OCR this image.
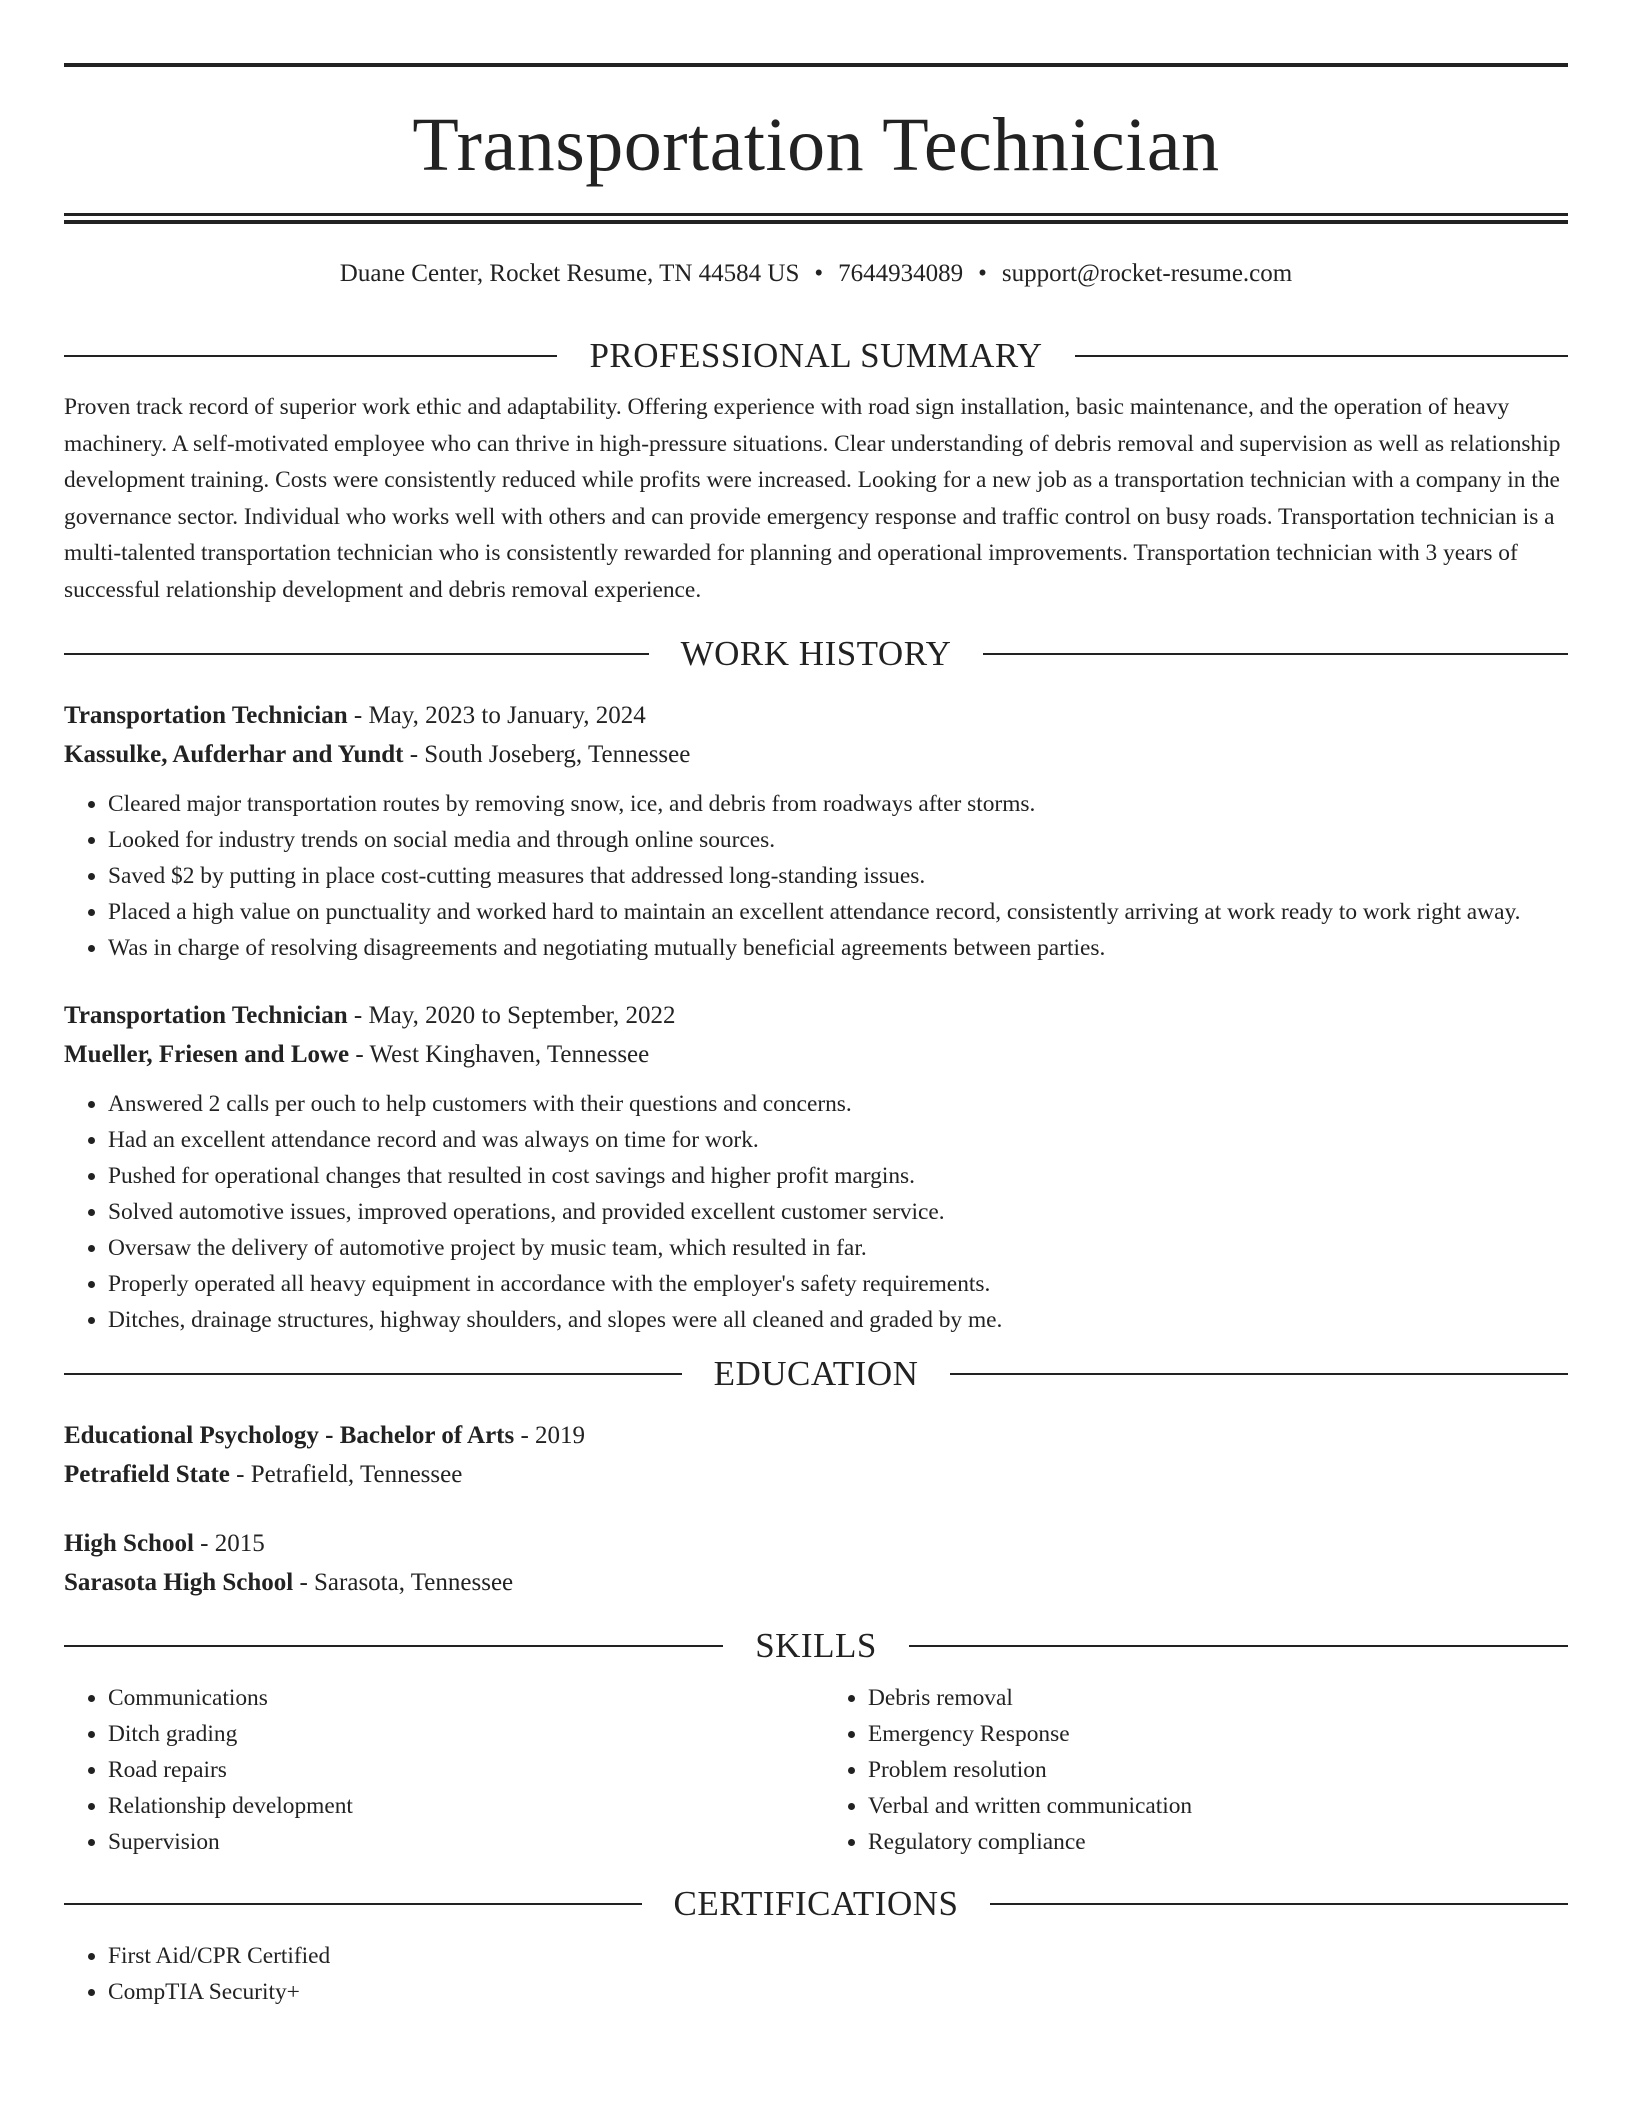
Transportation Technician
Duane Center, Rocket Resume, TN 44584 US • 7644934089 • support@rocket-resume.com
PROFESSIONAL SUMMARY
Proven track record of superior work ethic and adaptability. Offering experience with road sign installation, basic maintenance, and the operation of heavy machinery. A self-motivated employee who can thrive in high-pressure situations. Clear understanding of debris removal and supervision as well as relationship development training. Costs were consistently reduced while profits were increased. Looking for a new job as a transportation technician with a company in the governance sector. Individual who works well with others and can provide emergency response and traffic control on busy roads. Transportation technician is a multi-talented transportation technician who is consistently rewarded for planning and operational improvements. Transportation technician with 3 years of successful relationship development and debris removal experience.
WORK HISTORY
Transportation Technician - May, 2023 to January, 2024
Kassulke, Aufderhar and Yundt - South Joseberg, Tennessee
• Cleared major transportation routes by removing snow, ice, and debris from roadways after storms.
• Looked for industry trends on social media and through online sources.
• Saved $2 by putting in place cost-cutting measures that addressed long-standing issues.
• Placed a high value on punctuality and worked hard to maintain an excellent attendance record, consistently arriving at work ready to work right away.
• Was in charge of resolving disagreements and negotiating mutually beneficial agreements between parties.
Transportation Technician - May, 2020 to September, 2022
Mueller, Friesen and Lowe - West Kinghaven, Tennessee
• Answered 2 calls per ouch to help customers with their questions and concerns.
• Had an excellent attendance record and was always on time for work.
• Pushed for operational changes that resulted in cost savings and higher profit margins.
• Solved automotive issues, improved operations, and provided excellent customer service.
• Oversaw the delivery of automotive project by music team, which resulted in far.
• Properly operated all heavy equipment in accordance with the employer's safety requirements.
• Ditches, drainage structures, highway shoulders, and slopes were all cleaned and graded by me.
EDUCATION
Educational Psychology - Bachelor of Arts - 2019
Petrafield State - Petrafield, Tennessee
High School - 2015
Sarasota High School - Sarasota, Tennessee
SKILLS
• Communications
• Ditch grading
• Road repairs
• Relationship development
• Supervision
• Debris removal
• Emergency Response
• Problem resolution
• Verbal and written communication
• Regulatory compliance
CERTIFICATIONS
• First Aid/CPR Certified
• CompTIA Security+
